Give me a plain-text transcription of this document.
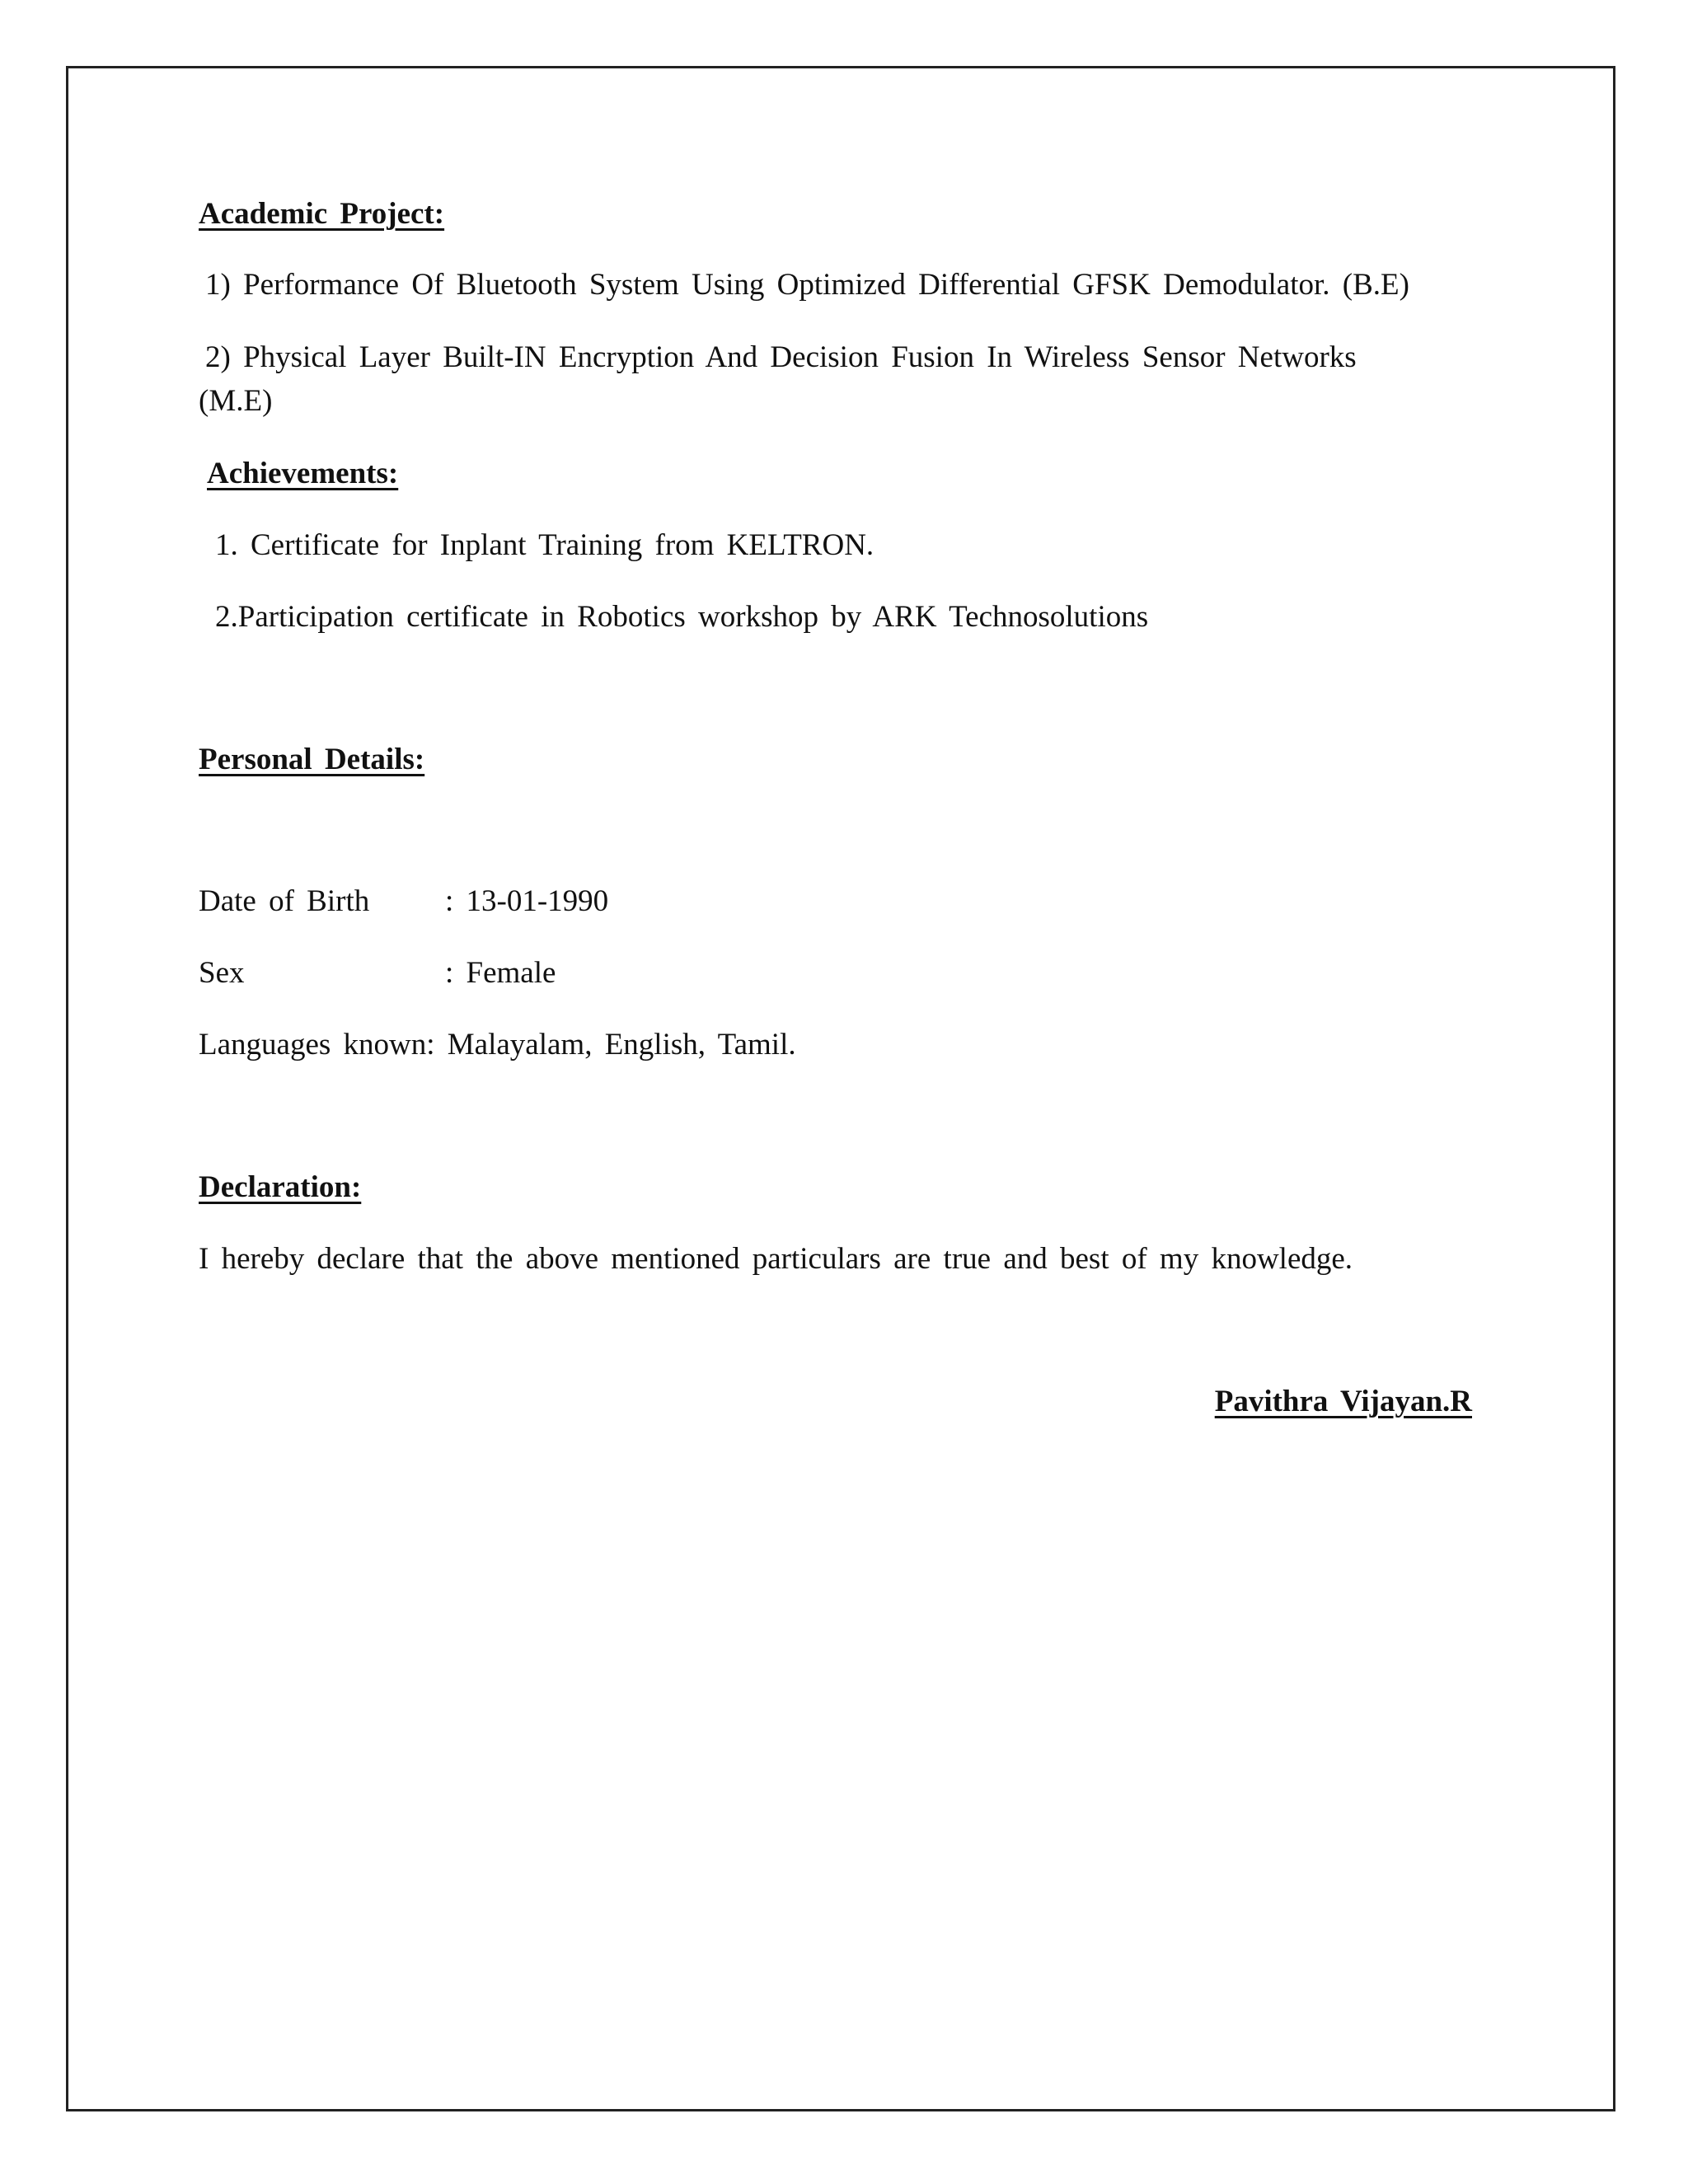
Academic Project:
1) Performance Of Bluetooth System Using Optimized Differential GFSK Demodulator. (B.E)
2) Physical Layer Built-IN Encryption And Decision Fusion In Wireless Sensor Networks
(M.E)
Achievements:
1. Certificate for Inplant Training from KELTRON.
2.Participation certificate in Robotics workshop by ARK Technosolutions
Personal Details:
Date of Birth : 13-01-1990
Sex	: Female
Languages known: Malayalam, English, Tamil.
Declaration:
I hereby declare that the above mentioned particulars are true and best of my knowledge.
Pavithra Vijayan.R
